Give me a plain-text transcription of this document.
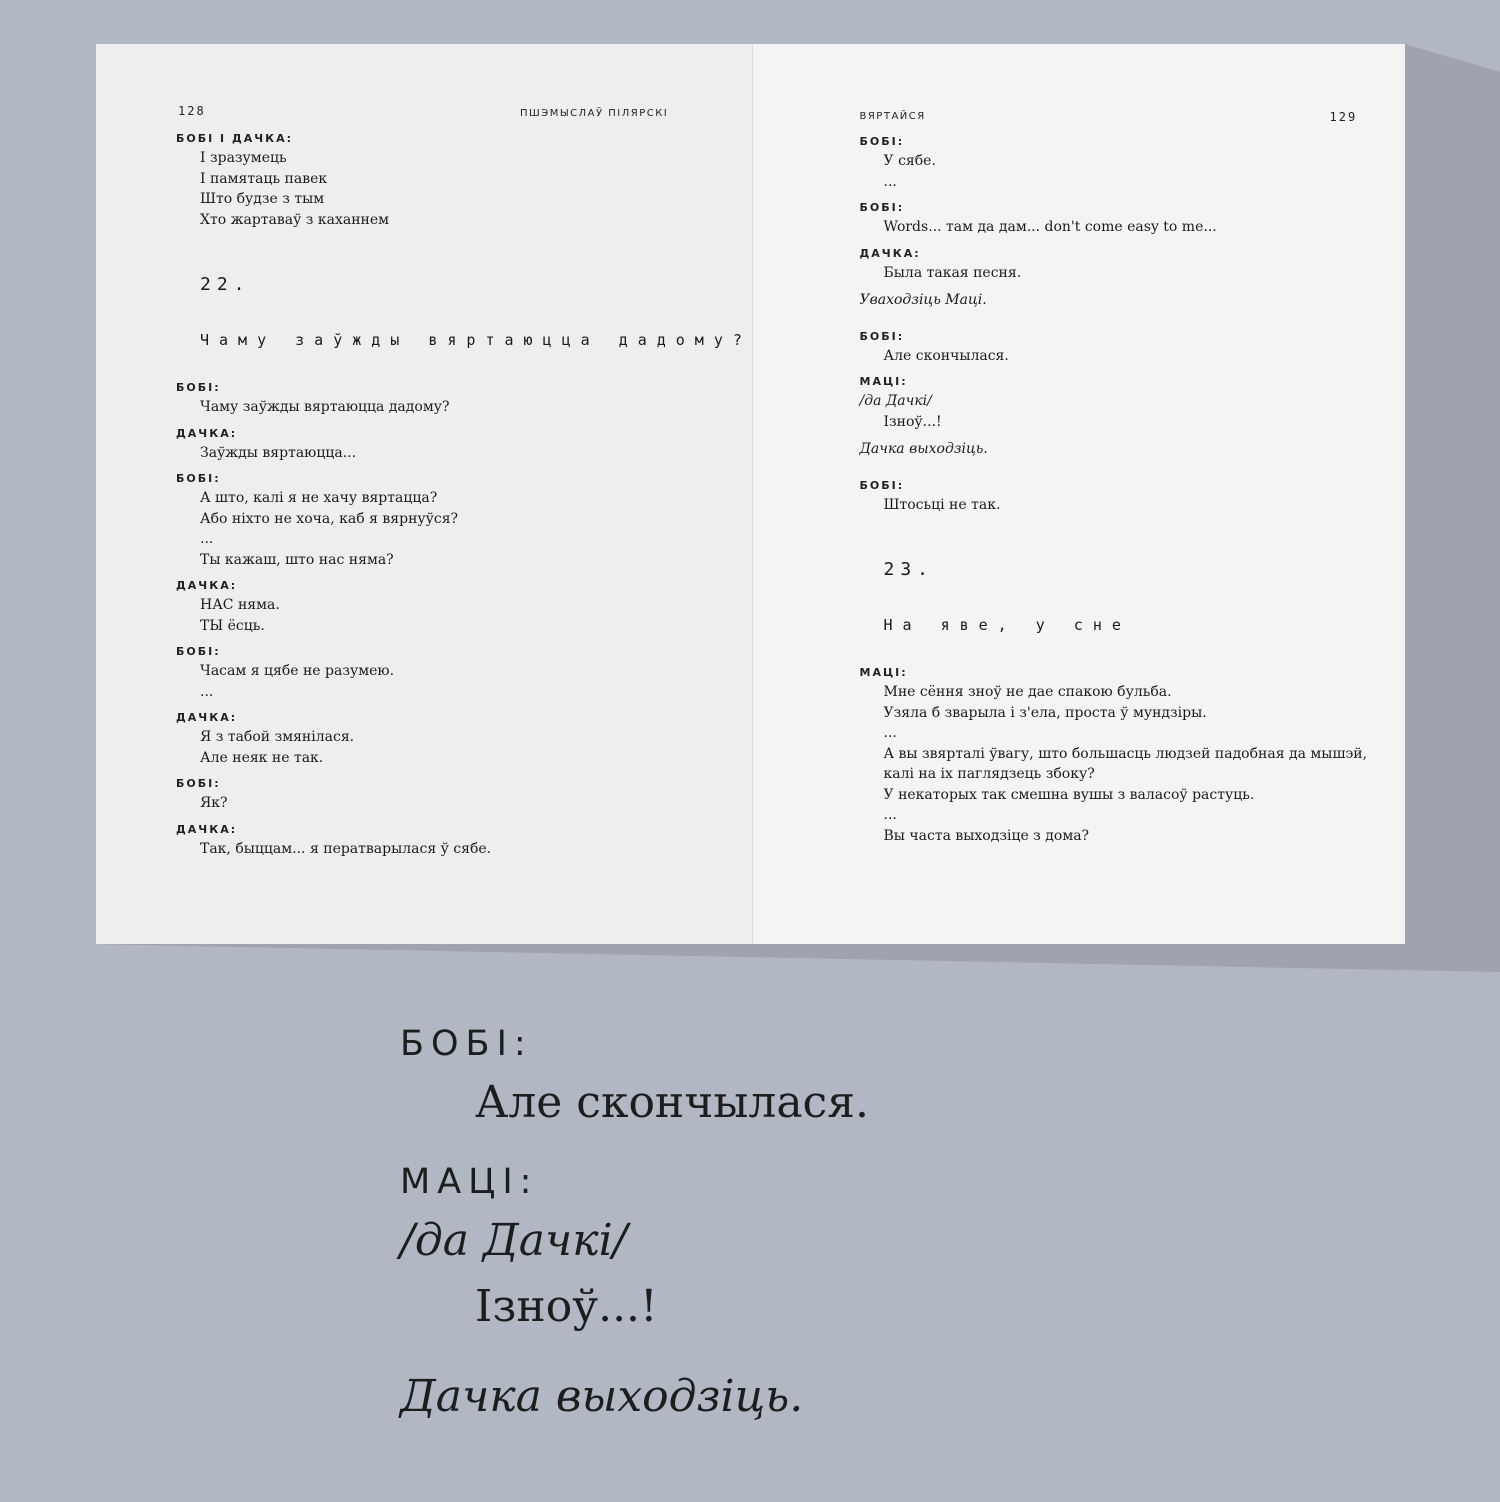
128	ПШЭМЫСЛАЎ ПІЛЯРСКІ
БОБІ І ДАЧКА:
І зразумець
І памятаць павек
Што будзе з тым
Хто жартаваў з каханнем
22.
Чаму заўжды вяртаюцца дадому?
БОБІ:
Чаму заўжды вяртаюцца дадому?
ДАЧКА:
Заўжды вяртаюцца...
БОБІ:
А што, калі я не хачу вяртацца?
Або ніхто не хоча, каб я вярнуўся?
...
Ты кажаш, што нас няма?
ДАЧКА:
НАС няма.
ТЫ ёсць.
БОБІ:
Часам я цябе не разумею.
...
ДАЧКА:
Я з табой змянілася.
Але неяк не так.
БОБІ:
Як?
ДАЧКА:
Так, быццам... я ператварылася ў сябе.
ВЯРТАЙСЯ	129
БОБІ:
У сябе.
...
БОБІ:
Words... там да дам... don't come easy to me...
ДАЧКА:
Была такая песня.
Уваходзіць Маці.
БОБІ:
Але скончылася.
МАЦІ:
/да Дачкі/
Ізноў...!
Дачка выходзіць.
БОБІ:
Штосьці не так.
23.
На яве, у сне
МАЦІ:
Мне сёння зноў не дае спакою бульба.
Узяла б зварыла і з'ела, проста ў мундзіры.
...
А вы звярталі ўвагу, што большасць людзей падобная да мышэй,
калі на іх паглядзець збоку?
У некаторых так смешна вушы з валасоў растуць.
...
Вы часта выходзіце з дома?
БОБІ:
Але скончылася.
МАЦІ:
/да Дачкі/
Ізноў...!
Дачка выходзіць.
